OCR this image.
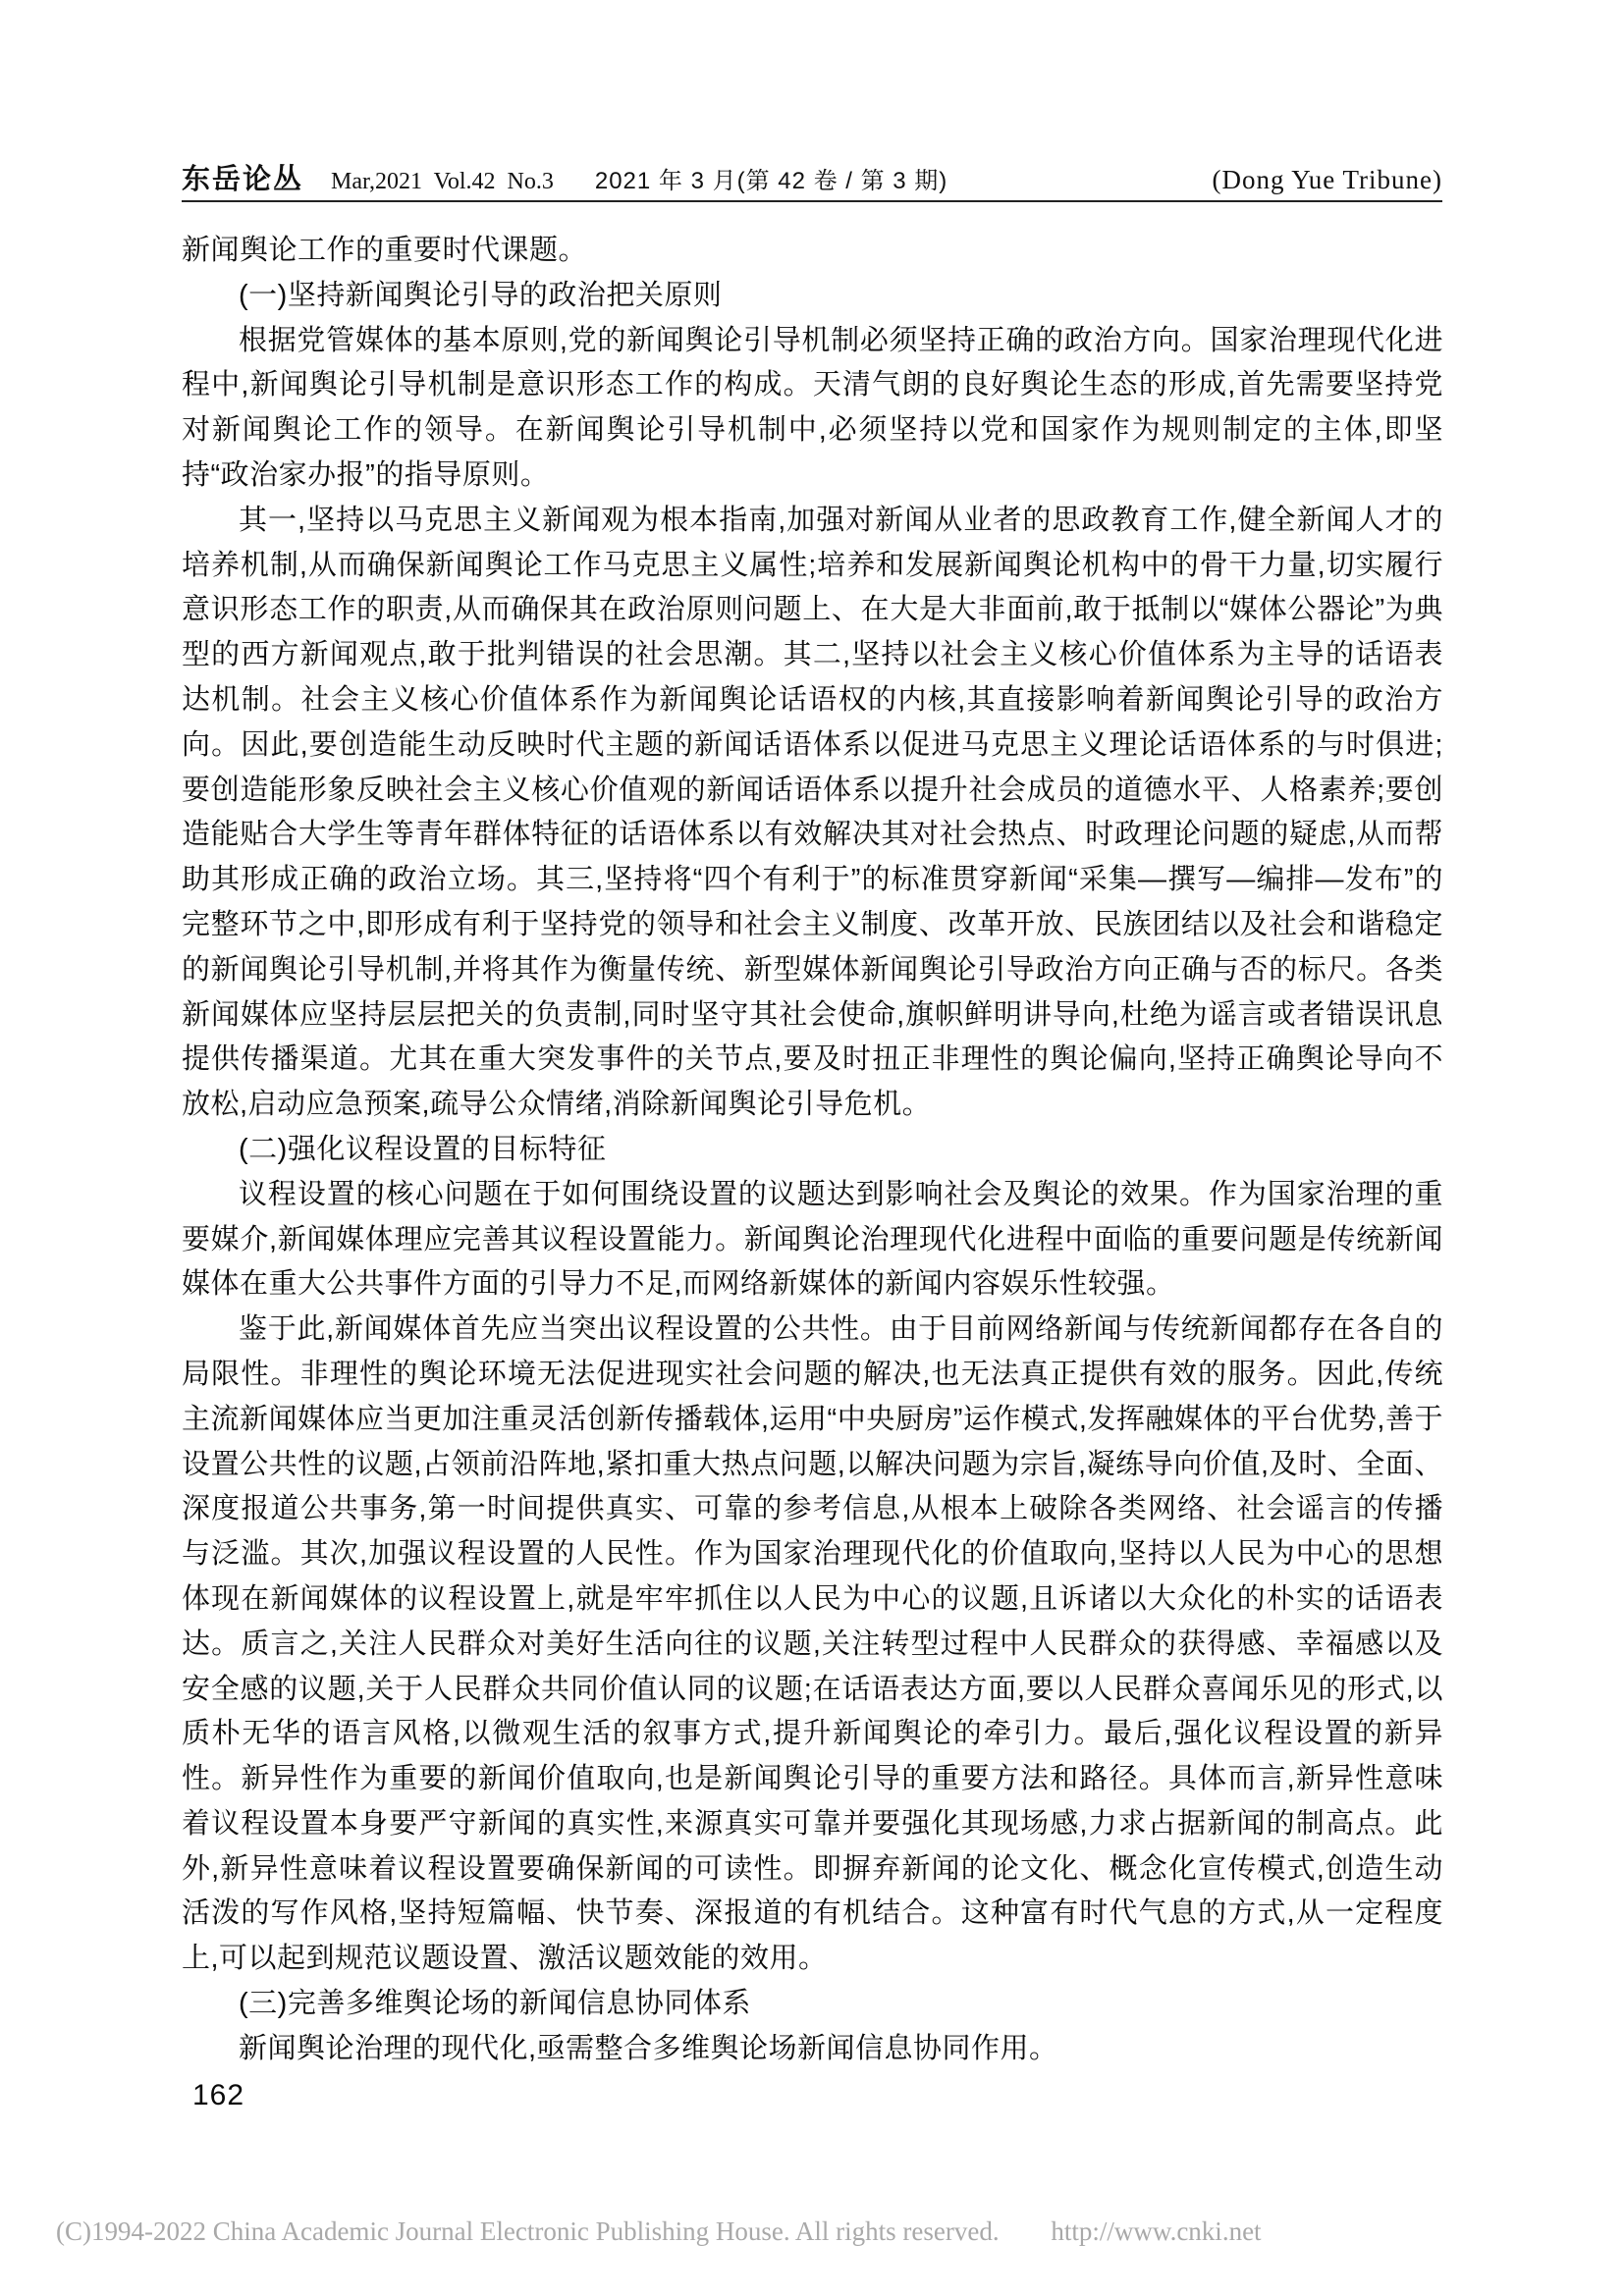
东岳论丛 Mar,2021 Vol.42 No.3 2021 年 3 月(第 42 卷 / 第 3 期)	(Dong Yue Tribune)

新闻舆论工作的重要时代课题。

(一)坚持新闻舆论引导的政治把关原则

根据党管媒体的基本原则,党的新闻舆论引导机制必须坚持正确的政治方向。国家治理现代化进程中,新闻舆论引导机制是意识形态工作的构成。天清气朗的良好舆论生态的形成,首先需要坚持党对新闻舆论工作的领导。在新闻舆论引导机制中,必须坚持以党和国家作为规则制定的主体,即坚持“政治家办报”的指导原则。

其一,坚持以马克思主义新闻观为根本指南,加强对新闻从业者的思政教育工作,健全新闻人才的培养机制,从而确保新闻舆论工作马克思主义属性;培养和发展新闻舆论机构中的骨干力量,切实履行意识形态工作的职责,从而确保其在政治原则问题上、在大是大非面前,敢于抵制以“媒体公器论”为典型的西方新闻观点,敢于批判错误的社会思潮。其二,坚持以社会主义核心价值体系为主导的话语表达机制。社会主义核心价值体系作为新闻舆论话语权的内核,其直接影响着新闻舆论引导的政治方向。因此,要创造能生动反映时代主题的新闻话语体系以促进马克思主义理论话语体系的与时俱进;要创造能形象反映社会主义核心价值观的新闻话语体系以提升社会成员的道德水平、人格素养;要创造能贴合大学生等青年群体特征的话语体系以有效解决其对社会热点、时政理论问题的疑虑,从而帮助其形成正确的政治立场。其三,坚持将“四个有利于”的标准贯穿新闻“采集—撰写—编排—发布”的完整环节之中,即形成有利于坚持党的领导和社会主义制度、改革开放、民族团结以及社会和谐稳定的新闻舆论引导机制,并将其作为衡量传统、新型媒体新闻舆论引导政治方向正确与否的标尺。各类新闻媒体应坚持层层把关的负责制,同时坚守其社会使命,旗帜鲜明讲导向,杜绝为谣言或者错误讯息提供传播渠道。尤其在重大突发事件的关节点,要及时扭正非理性的舆论偏向,坚持正确舆论导向不放松,启动应急预案,疏导公众情绪,消除新闻舆论引导危机。

(二)强化议程设置的目标特征

议程设置的核心问题在于如何围绕设置的议题达到影响社会及舆论的效果。作为国家治理的重要媒介,新闻媒体理应完善其议程设置能力。新闻舆论治理现代化进程中面临的重要问题是传统新闻媒体在重大公共事件方面的引导力不足,而网络新媒体的新闻内容娱乐性较强。

鉴于此,新闻媒体首先应当突出议程设置的公共性。由于目前网络新闻与传统新闻都存在各自的局限性。非理性的舆论环境无法促进现实社会问题的解决,也无法真正提供有效的服务。因此,传统主流新闻媒体应当更加注重灵活创新传播载体,运用“中央厨房”运作模式,发挥融媒体的平台优势,善于设置公共性的议题,占领前沿阵地,紧扣重大热点问题,以解决问题为宗旨,凝练导向价值,及时、全面、深度报道公共事务,第一时间提供真实、可靠的参考信息,从根本上破除各类网络、社会谣言的传播与泛滥。其次,加强议程设置的人民性。作为国家治理现代化的价值取向,坚持以人民为中心的思想体现在新闻媒体的议程设置上,就是牢牢抓住以人民为中心的议题,且诉诸以大众化的朴实的话语表达。质言之,关注人民群众对美好生活向往的议题,关注转型过程中人民群众的获得感、幸福感以及安全感的议题,关于人民群众共同价值认同的议题;在话语表达方面,要以人民群众喜闻乐见的形式,以质朴无华的语言风格,以微观生活的叙事方式,提升新闻舆论的牵引力。最后,强化议程设置的新异性。新异性作为重要的新闻价值取向,也是新闻舆论引导的重要方法和路径。具体而言,新异性意味着议程设置本身要严守新闻的真实性,来源真实可靠并要强化其现场感,力求占据新闻的制高点。此外,新异性意味着议程设置要确保新闻的可读性。即摒弃新闻的论文化、概念化宣传模式,创造生动活泼的写作风格,坚持短篇幅、快节奏、深报道的有机结合。这种富有时代气息的方式,从一定程度上,可以起到规范议题设置、激活议题效能的效用。

(三)完善多维舆论场的新闻信息协同体系

新闻舆论治理的现代化,亟需整合多维舆论场新闻信息协同作用。

162
(C)1994-2022 China Academic Journal Electronic Publishing House. All rights reserved. http://www.cnki.net
